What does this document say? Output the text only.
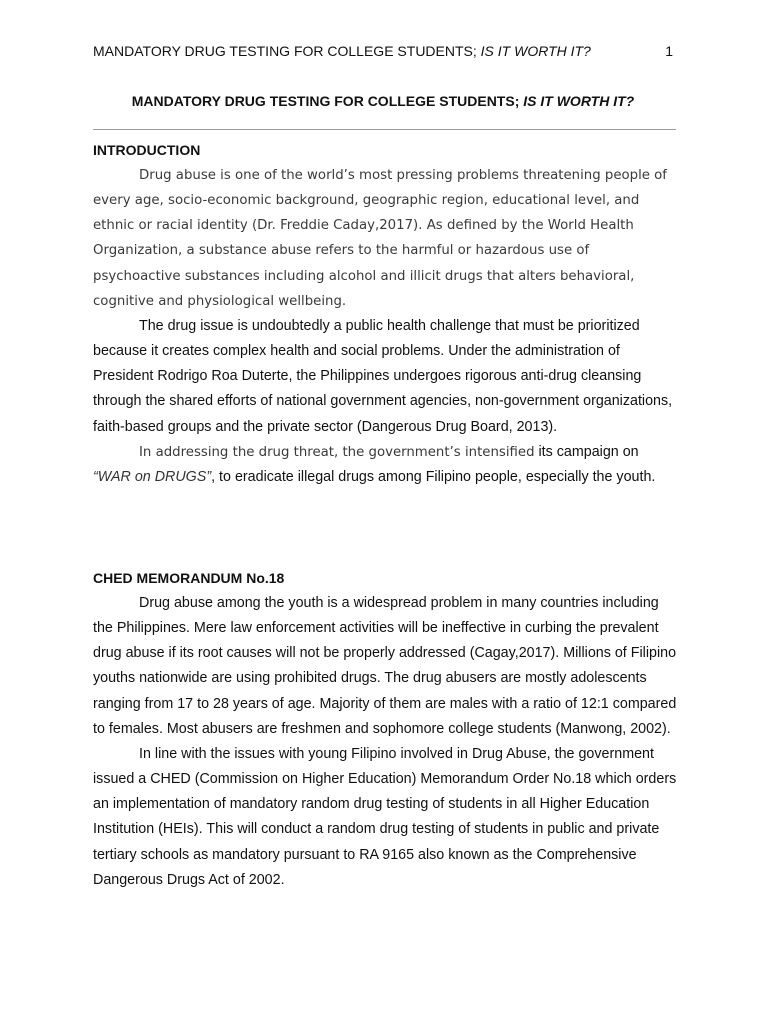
MANDATORY DRUG TESTING FOR COLLEGE STUDENTS; IS IT WORTH IT?	1
MANDATORY DRUG TESTING FOR COLLEGE STUDENTS; IS IT WORTH IT?
INTRODUCTION

Drug abuse is one of the world’s most pressing problems threatening people of every age, socio-economic background, geographic region, educational level, and ethnic or racial identity (Dr. Freddie Caday,2017). As defined by the World Health Organization, a substance abuse refers to the harmful or hazardous use of psychoactive substances including alcohol and illicit drugs that alters behavioral, cognitive and physiological wellbeing.

The drug issue is undoubtedly a public health challenge that must be prioritized because it creates complex health and social problems. Under the administration of President Rodrigo Roa Duterte, the Philippines undergoes rigorous anti-drug cleansing through the shared efforts of national government agencies, non-government organizations, faith-based groups and the private sector (Dangerous Drug Board, 2013).

In addressing the drug threat, the government’s intensified its campaign on
“WAR on DRUGS”, to eradicate illegal drugs among Filipino people, especially the youth.

CHED MEMORANDUM No.18

Drug abuse among the youth is a widespread problem in many countries including the Philippines. Mere law enforcement activities will be ineffective in curbing the prevalent drug abuse if its root causes will not be properly addressed (Cagay,2017). Millions of Filipino youths nationwide are using prohibited drugs. The drug abusers are mostly adolescents ranging from 17 to 28 years of age. Majority of them are males with a ratio of 12:1 compared to females. Most abusers are freshmen and sophomore college students (Manwong, 2002).

In line with the issues with young Filipino involved in Drug Abuse, the government issued a CHED (Commission on Higher Education) Memorandum Order No.18 which orders an implementation of mandatory random drug testing of students in all Higher Education Institution (HEIs). This will conduct a random drug testing of students in public and private tertiary schools as mandatory pursuant to RA 9165 also known as the Comprehensive Dangerous Drugs Act of 2002.
